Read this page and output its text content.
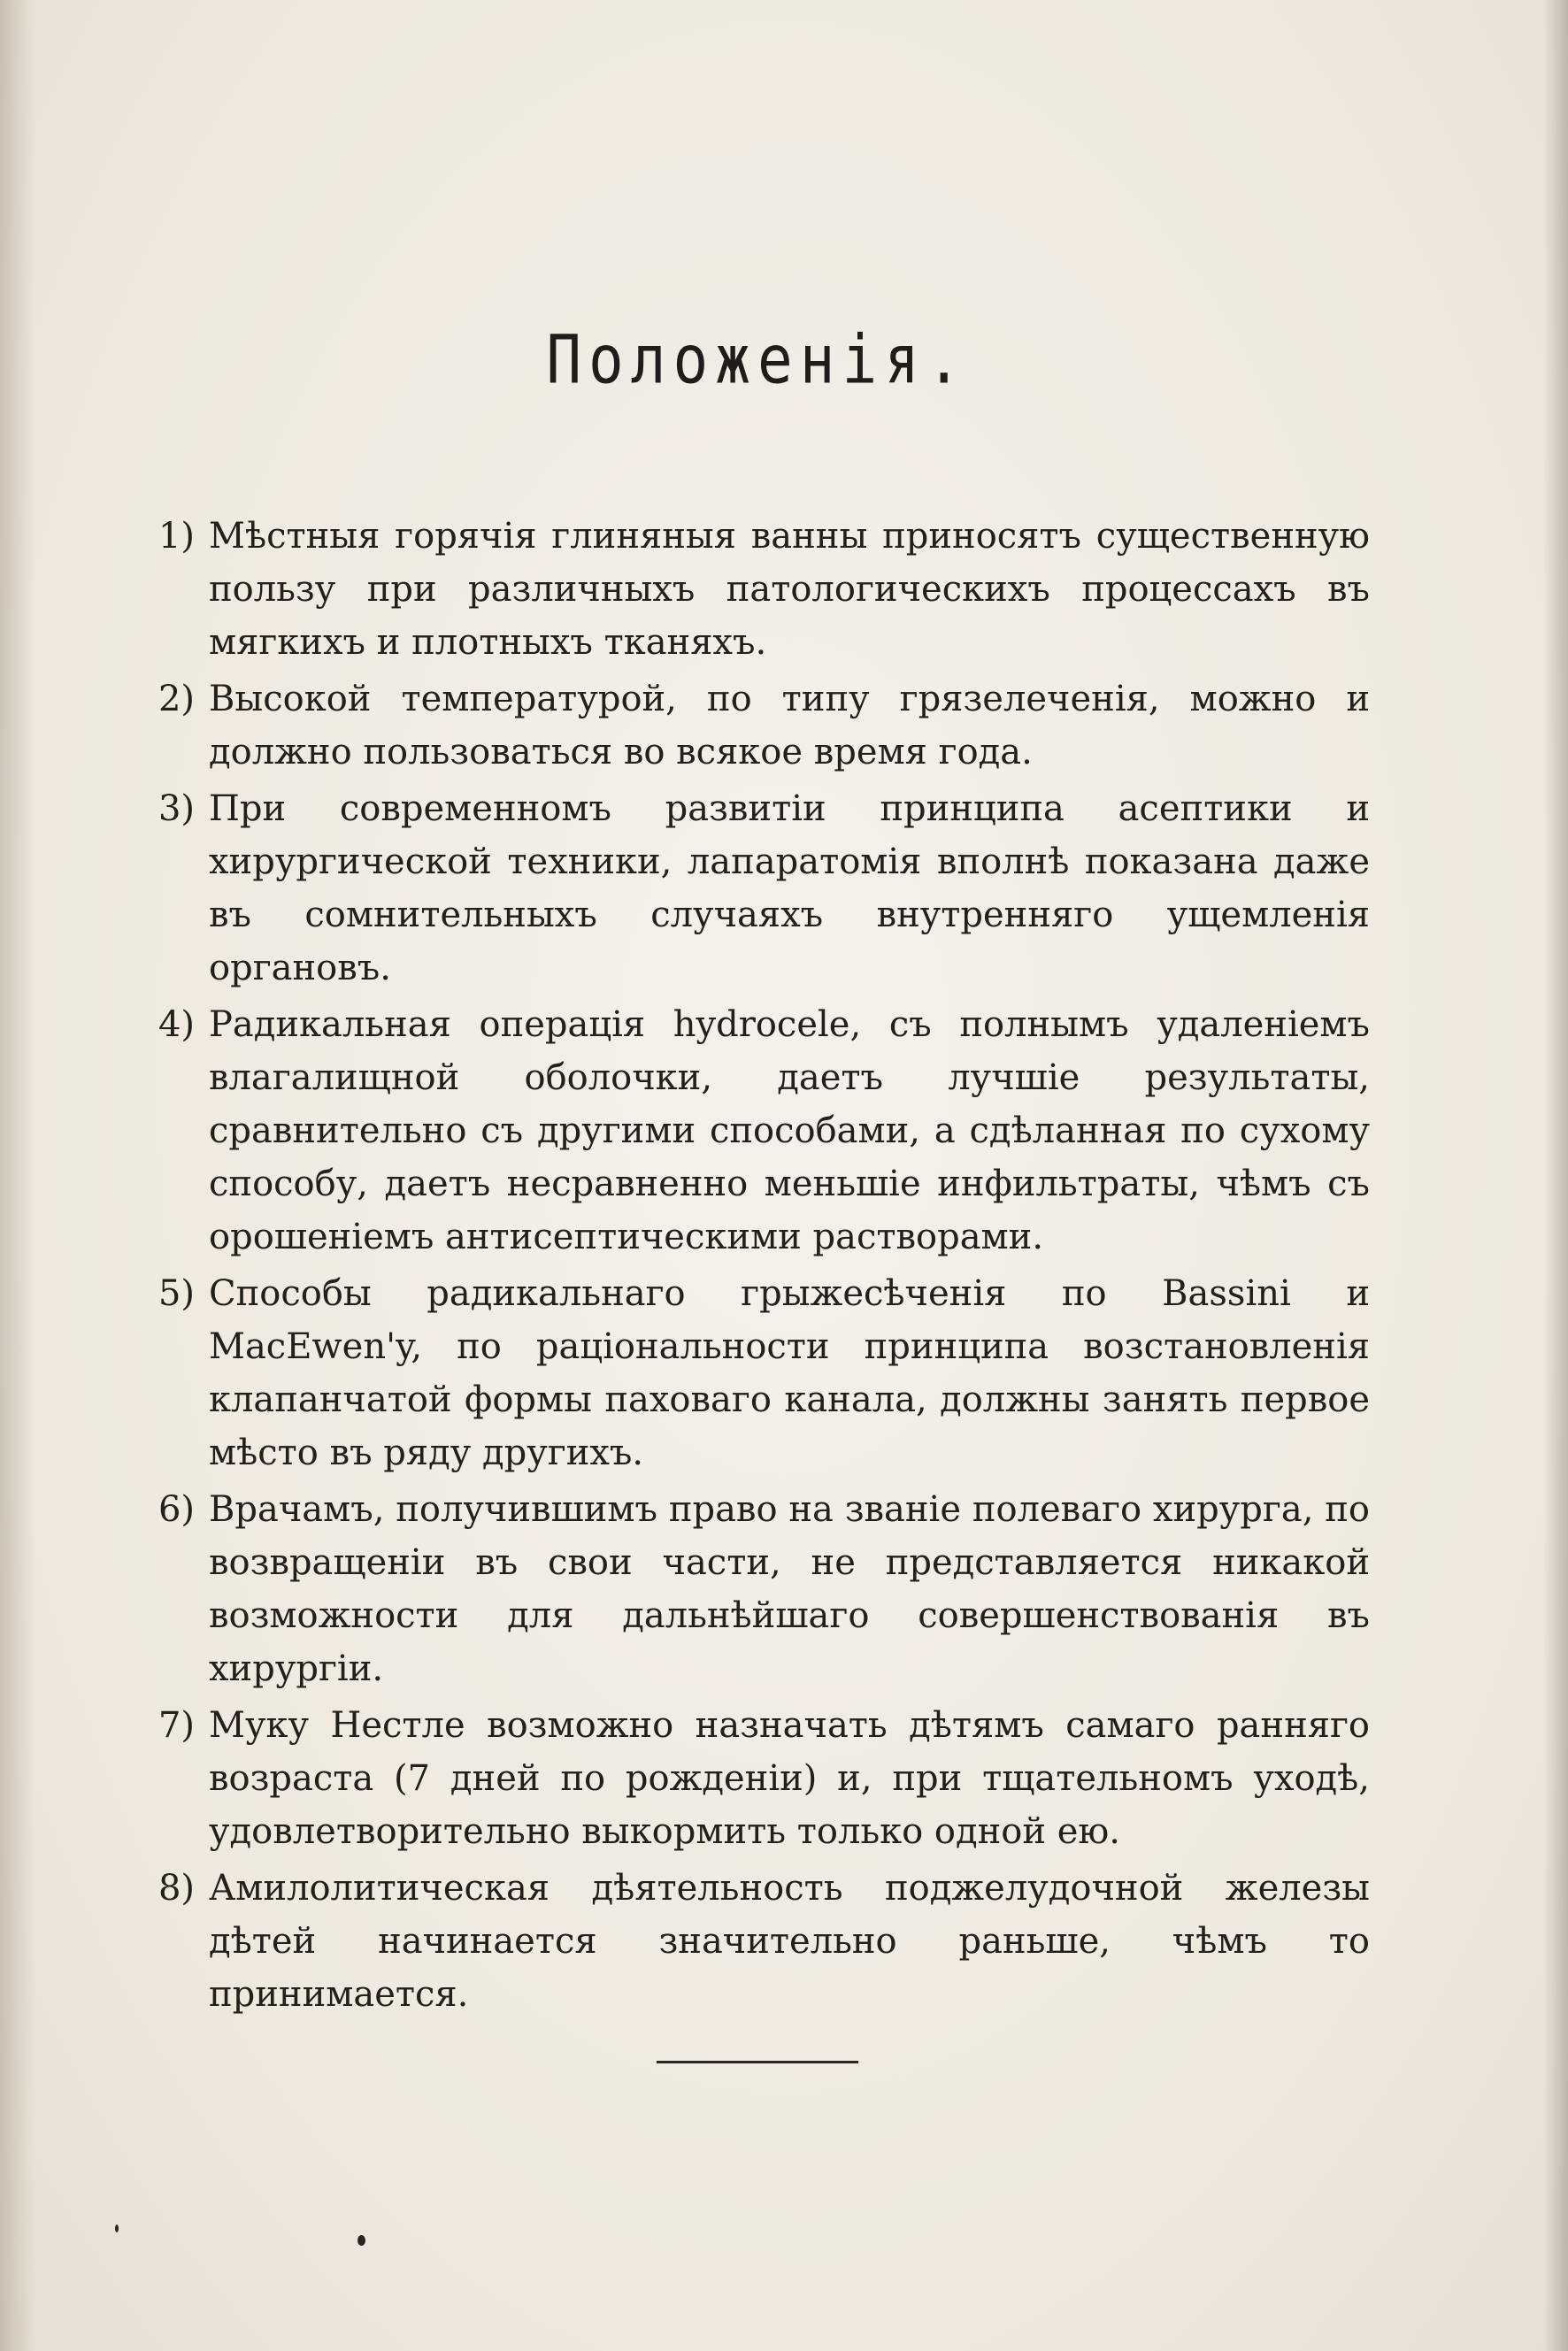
Положенія.
1) Мѣстныя горячія глиняныя ванны приносятъ существенную пользу при различныхъ патологическихъ процессахъ въ мягкихъ и плотныхъ тканяхъ.
2) Высокой температурой, по типу грязелеченія, можно и должно пользоваться во всякое время года.
3) При современномъ развитіи принципа асептики и хирургической техники, лапаратомія вполнѣ показана даже въ сомнительныхъ случаяхъ внутренняго ущемленія органовъ.
4) Радикальная операція hydrocele, съ полнымъ удаленіемъ влагалищной оболочки, даетъ лучшіе результаты, сравнительно съ другими способами, а сдѣланная по сухому способу, даетъ несравненно меньшіе инфильтраты, чѣмъ съ орошеніемъ антисептическими растворами.
5) Способы радикальнаго грыжесѣченія по Bassini и MacEwen'y, по раціональности принципа возстановленія клапанчатой формы паховаго канала, должны занять первое мѣсто въ ряду другихъ.
6) Врачамъ, получившимъ право на званіе полеваго хирурга, по возвращеніи въ свои части, не представляется никакой возможности для дальнѣйшаго совершенствованія въ хирургіи.
7) Муку Нестле возможно назначать дѣтямъ самаго ранняго возраста (7 дней по рожденіи) и, при тщательномъ уходѣ, удовлетворительно выкормить только одной ею.
8) Амилолитическая дѣятельность поджелудочной железы дѣтей начинается значительно раньше, чѣмъ то принимается.
